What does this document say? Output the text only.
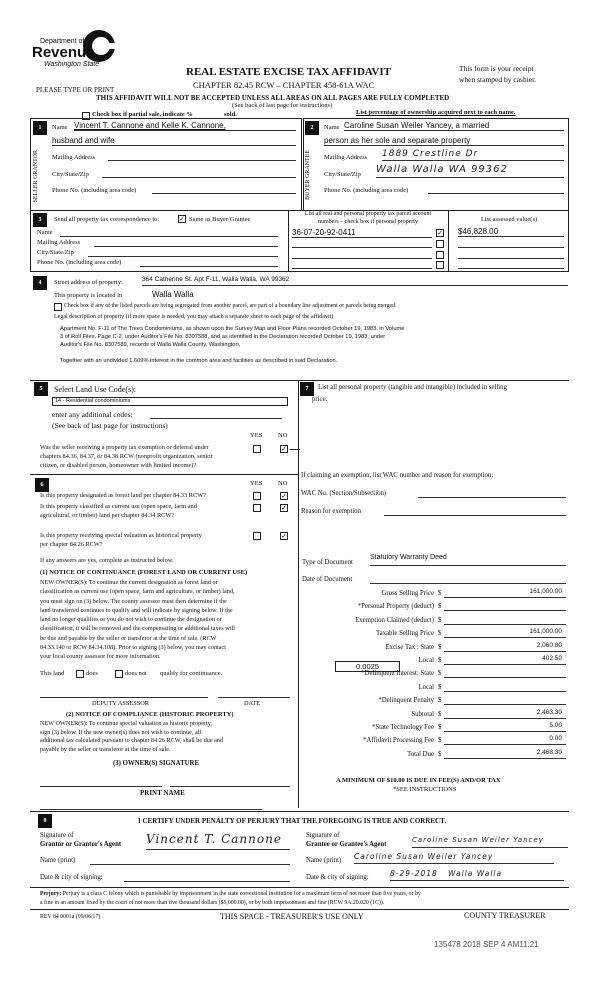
Department of
Revenue
Washington State
REAL ESTATE EXCISE TAX AFFIDAVIT
CHAPTER 82.45 RCW – CHAPTER 458-61A WAC
PLEASE TYPE OR PRINT
This form is your receipt
when stamped by cashier.
THIS AFFIDAVIT WILL NOT BE ACCEPTED UNLESS ALL AREAS ON ALL PAGES ARE FULLY COMPLETED
(See back of last page for instructions)
Check box if partial sale, indicate %	sold.	List percentage of ownership acquired next to each name.
1
SELLER GRANTOR
Name Vincent T. Cannone and Kelle K. Cannone,
husband and wife
Mailing Address
City/State/Zip
Phone No. (including area code)
2
BUYER GRANTEE
Name Caroline Susan Weiler Yancey, a married
person as her sole and separate property
Mailing Address 1889 Crestline Dr
City/State/Zip Walla Walla WA 99362
Phone No. (including area code)
3	Send all property tax correspondence to:	✓ Same as Buyer/Grantee
Name
Mailing Address
City/State/Zip
Phone No. (including area code)
List all real and personal property tax parcel account
numbers – check box if personal property	List assessed value(s)
36-07-20-92-0411	✓ $46,828.00
4	Street address of property:	364 Catherine St. Apt F-11, Walla Walla, WA 99362
This property is located in	Walla Walla
Check box if any of the listed parcels are being segregated from another parcel, are part of a boundary line adjustment or parcels being merged.
Legal description of property (if more space is needed, you may attach a separate sheet to each page of the affidavit)
Apartment No. F-11 of The Trees Condominiums, as shown upon the Survey Map and Floor Plans recorded October 19, 1983, in Volume
3 of Roll Files, Page C-2, under Auditor's File No. 8307588, and as identified in the Declaration recorded October 19, 1983, under
Auditor's File No. 8307589, records of Walla Walla County, Washington.
Together with an undivided 1.609% interest in the common area and facilities as described in said Declaration.
5	Select Land Use Code(s):
14 - Residential condominiums
enter any additional codes:
(See back of last page for instructions)
YES NO
Was the seller receiving a property tax exemption or deferral under
chapters 84.36, 84.37, or 84.38 RCW (nonprofit organization, senior
citizen, or disabled person, homeowner with limited income)?
✓
6	YES NO
Is this property designated as forest land per chapter 84.33 RCW?	✓
Is this property classified as current use (open space, farm and
agricultural, or timber) land per chapter 84.34 RCW?
✓
Is this property receiving special valuation as historical property
per chapter 84.26 RCW?
✓
If any answers are yes, complete as instructed below.
(1) NOTICE OF CONTINUANCE (FOREST LAND OR CURRENT USE)
NEW OWNER(S): To continue the current designation as forest land or
classification as current use (open space, farm and agriculture, or timber) land,
you must sign on (3) below. The county assessor must then determine if the
land transferred continues to qualify and will indicate by signing below. If the
land no longer qualifies or you do not wish to continue the designation or
classification, it will be removed and the compensating or additional taxes will
be due and payable by the seller or transferor at the time of sale. (RCW
84.33.140 or RCW 84.34.108). Prior to signing (3) below, you may contact
your local county assessor for more information.
This land	does	does not qualify for continuance.
DEPUTY ASSESSOR	DATE
(2) NOTICE OF COMPLIANCE (HISTORIC PROPERTY)
NEW OWNER(S): To continue special valuation as historic property,
sign (3) below. If the new owner(s) does not wish to continue, all
additional tax calculated pursuant to chapter 84.26 RCW, shall be due and
payable by the seller or transferor at the time of sale.
(3) OWNER(S) SIGNATURE
PRINT NAME
7	List all personal property (tangible and intangible) included in selling
price.
If claiming an exemption, list WAC number and reason for exemption:
WAC No. (Section/Subsection)
Reason for exemption
Type of Document
Statutory Warranty Deed
Date of Document
0.0025
Gross Selling Price $	161,000.00
*Personal Property (deduct) $
Exemption Claimed (deduct) $
Taxable Selling Price $	161,000.00
Excise Tax : State $	2,060.80
Local $	402.50
*Delinquent Interest: State $
Local $
*Delinquent Penalty $
Subtotal $	2,463.30
*State Technology Fee $	5.00
*Affidavit Processing Fee $	0.00
Total Due $	2,468.30
A MINIMUM OF $10.00 IS DUE IN FEE(S) AND/OR TAX
*SEE INSTRUCTIONS
8	I CERTIFY UNDER PENALTY OF PERJURY THAT THE FOREGOING IS TRUE AND CORRECT.
Signature of
Grantor or Grantor's Agent Vincent T. Cannone
Name (print)
Date & city of signing:
Signature of
Grantee or Grantee's Agent
Caroline Susan Weiler Yancey
Name (print) Caroline Susan Weiler Yancey
Date & city of signing:	8-29-2018   Walla Walla
Perjury: Perjury is a class C felony which is punishable by imprisonment in the state correctional institution for a maximum term of not more than five years, or by
a fine in an amount fixed by the court of not more than five thousand dollars ($5,000.00), or by both imprisonment and fine (RCW 9A.20.020 (1C)).
REV 84 0001a (09/06/17)	THIS SPACE - TREASURER'S USE ONLY	COUNTY TREASURER
135478 2018 SEP 4 AM11:21
